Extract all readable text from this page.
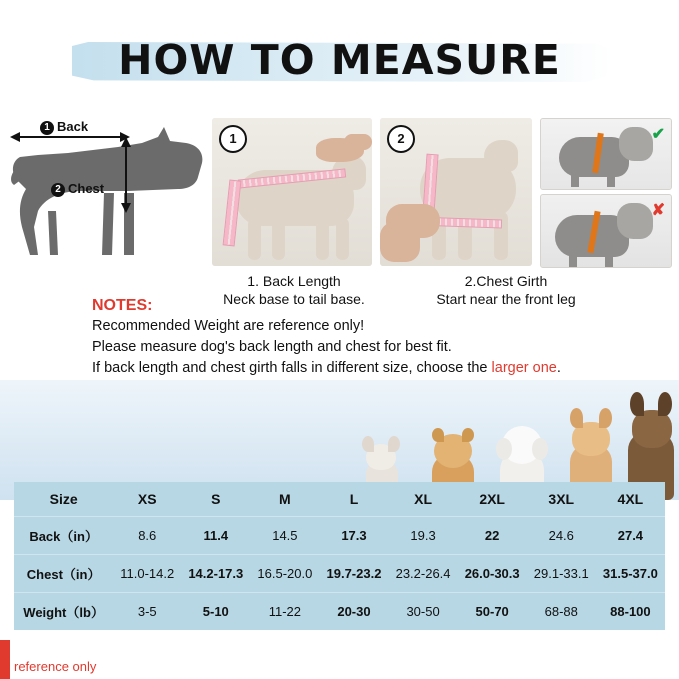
HOW TO MEASURE
1 Back
2 Chest
1	2	✔
✘
1. Back Length
Neck base to tail base.
2.Chest Girth
Start near the front leg
NOTES:
Recommended Weight are reference only!
Please measure dog's back length and chest for best fit.
If back length and chest girth falls in different size, choose the larger one.
Size	XS	S	M	L	XL	2XL	3XL	4XL
Back（in）	8.6	11.4	14.5	17.3	19.3	22	24.6	27.4
Chest（in）	11.0-14.2	14.2-17.3	16.5-20.0	19.7-23.2	23.2-26.4	26.0-30.3	29.1-33.1	31.5-37.0
Weight（lb）	3-5	5-10	11-22	20-30	30-50	50-70	68-88	88-100
reference only
